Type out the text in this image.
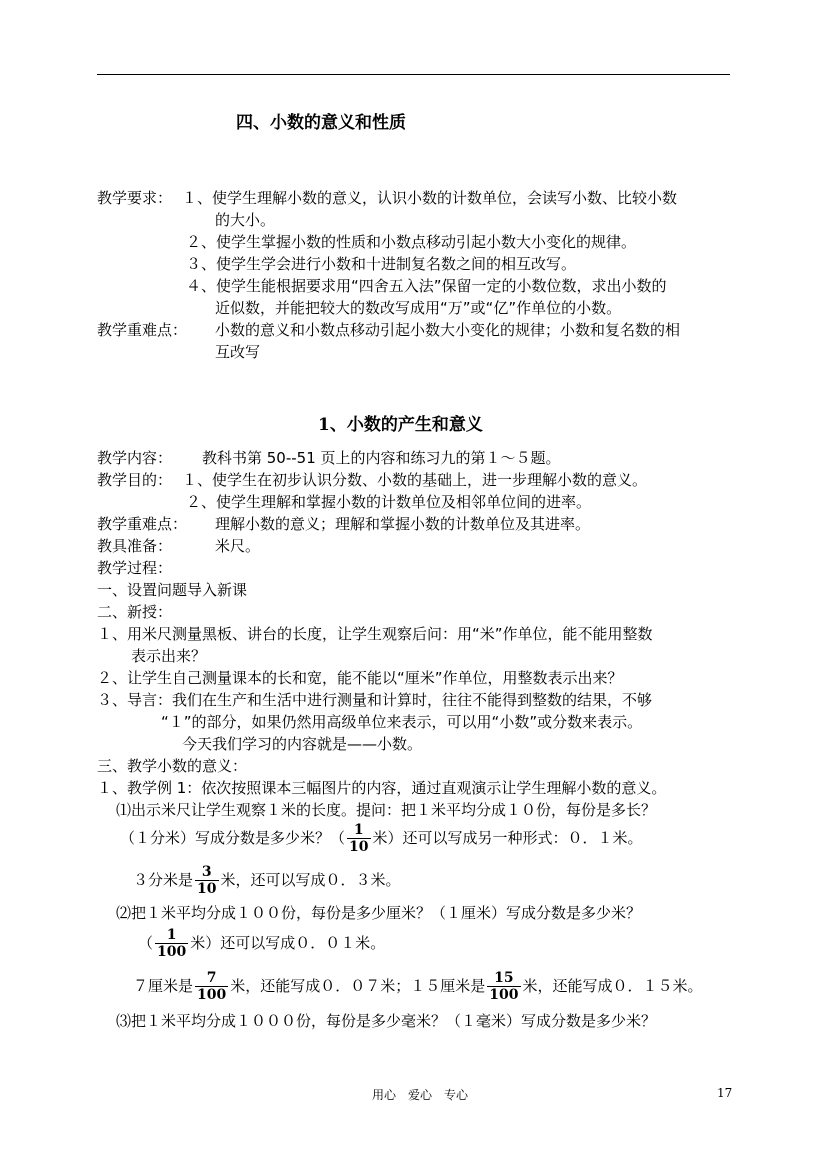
四、小数的意义和性质
教学要求： １、使学生理解小数的意义，认识小数的计数单位，会读写小数、比较小数
的大小。
２、使学生掌握小数的性质和小数点移动引起小数大小变化的规律。
３、使学生学会进行小数和十进制复名数之间的相互改写。
４、使学生能根据要求用“四舍五入法”保留一定的小数位数，求出小数的
近似数，并能把较大的数改写成用“万”或“亿”作单位的小数。
教学重难点： 小数的意义和小数点移动引起小数大小变化的规律；小数和复名数的相
互改写
1、小数的产生和意义
教学内容： 教科书第 50--51 页上的内容和练习九的第１～５题。
教学目的： １、使学生在初步认识分数、小数的基础上，进一步理解小数的意义。
２、使学生理解和掌握小数的计数单位及相邻单位间的进率。
教学重难点： 理解小数的意义；理解和掌握小数的计数单位及其进率。
教具准备：	米尺。
教学过程：
一、设置问题导入新课
二、新授：
１、用米尺测量黑板、讲台的长度，让学生观察后问：用“米”作单位，能不能用整数
表示出来？
２、让学生自己测量课本的长和宽，能不能以“厘米”作单位，用整数表示出来？
３、导言：我们在生产和生活中进行测量和计算时，往往不能得到整数的结果，不够
“１”的部分，如果仍然用高级单位来表示，可以用“小数”或分数来表示。
今天我们学习的内容就是——小数。
三、教学小数的意义：
１、教学例 1：依次按照课本三幅图片的内容，通过直观演示让学生理解小数的意义。
⑴出示米尺让学生观察１米的长度。提问：把１米平均分成１０份，每份是多长？
（１分米）写成分数是多少米？（ $\frac{1}{10}$ 米）还可以写成另一种形式：０．１米。
３分米是 $\frac{3}{10}$ 米，还可以写成０．３米。
⑵把１米平均分成１００份，每份是多少厘米？（１厘米）写成分数是多少米？
（ $\frac{1}{100}$ 米）还可以写成０．０１米。
７厘米是 $\frac{7}{100}$ 米，还能写成０．０７米；１５厘米是 $\frac{15}{100}$ 米，还能写成０．１５米。
⑶把１米平均分成１０００份，每份是多少毫米？（１毫米）写成分数是多少米？
用心　爱心　专心	17
